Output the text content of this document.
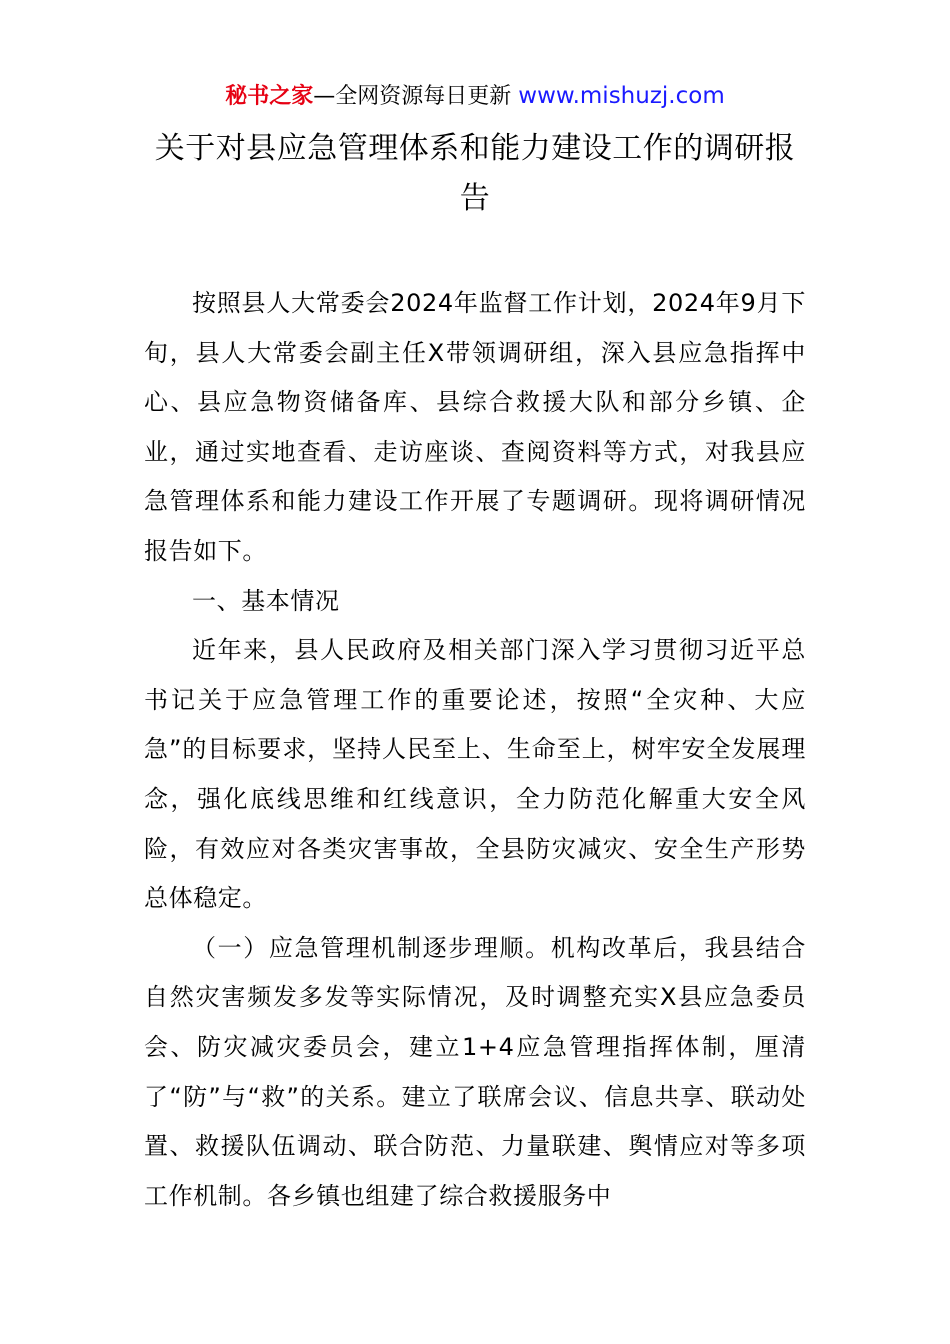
秘书之家—全网资源每日更新 www.mishuzj.com
关于对县应急管理体系和能力建设工作的调研报告

按照县人大常委会2024年监督工作计划，2024年9月下旬，县人大常委会副主任X带领调研组，深入县应急指挥中心、县应急物资储备库、县综合救援大队和部分乡镇、企业，通过实地查看、走访座谈、查阅资料等方式，对我县应急管理体系和能力建设工作开展了专题调研。现将调研情况报告如下。

一、基本情况

近年来，县人民政府及相关部门深入学习贯彻习近平总书记关于应急管理工作的重要论述，按照“全灾种、大应急”的目标要求，坚持人民至上、生命至上，树牢安全发展理念，强化底线思维和红线意识，全力防范化解重大安全风险，有效应对各类灾害事故，全县防灾减灾、安全生产形势总体稳定。

（一）应急管理机制逐步理顺。机构改革后，我县结合自然灾害频发多发等实际情况，及时调整充实X县应急委员会、防灾减灾委员会，建立1+4应急管理指挥体制，厘清了“防”与“救”的关系。建立了联席会议、信息共享、联动处置、救援队伍调动、联合防范、力量联建、舆情应对等多项工作机制。各乡镇也组建了综合救援服务中
